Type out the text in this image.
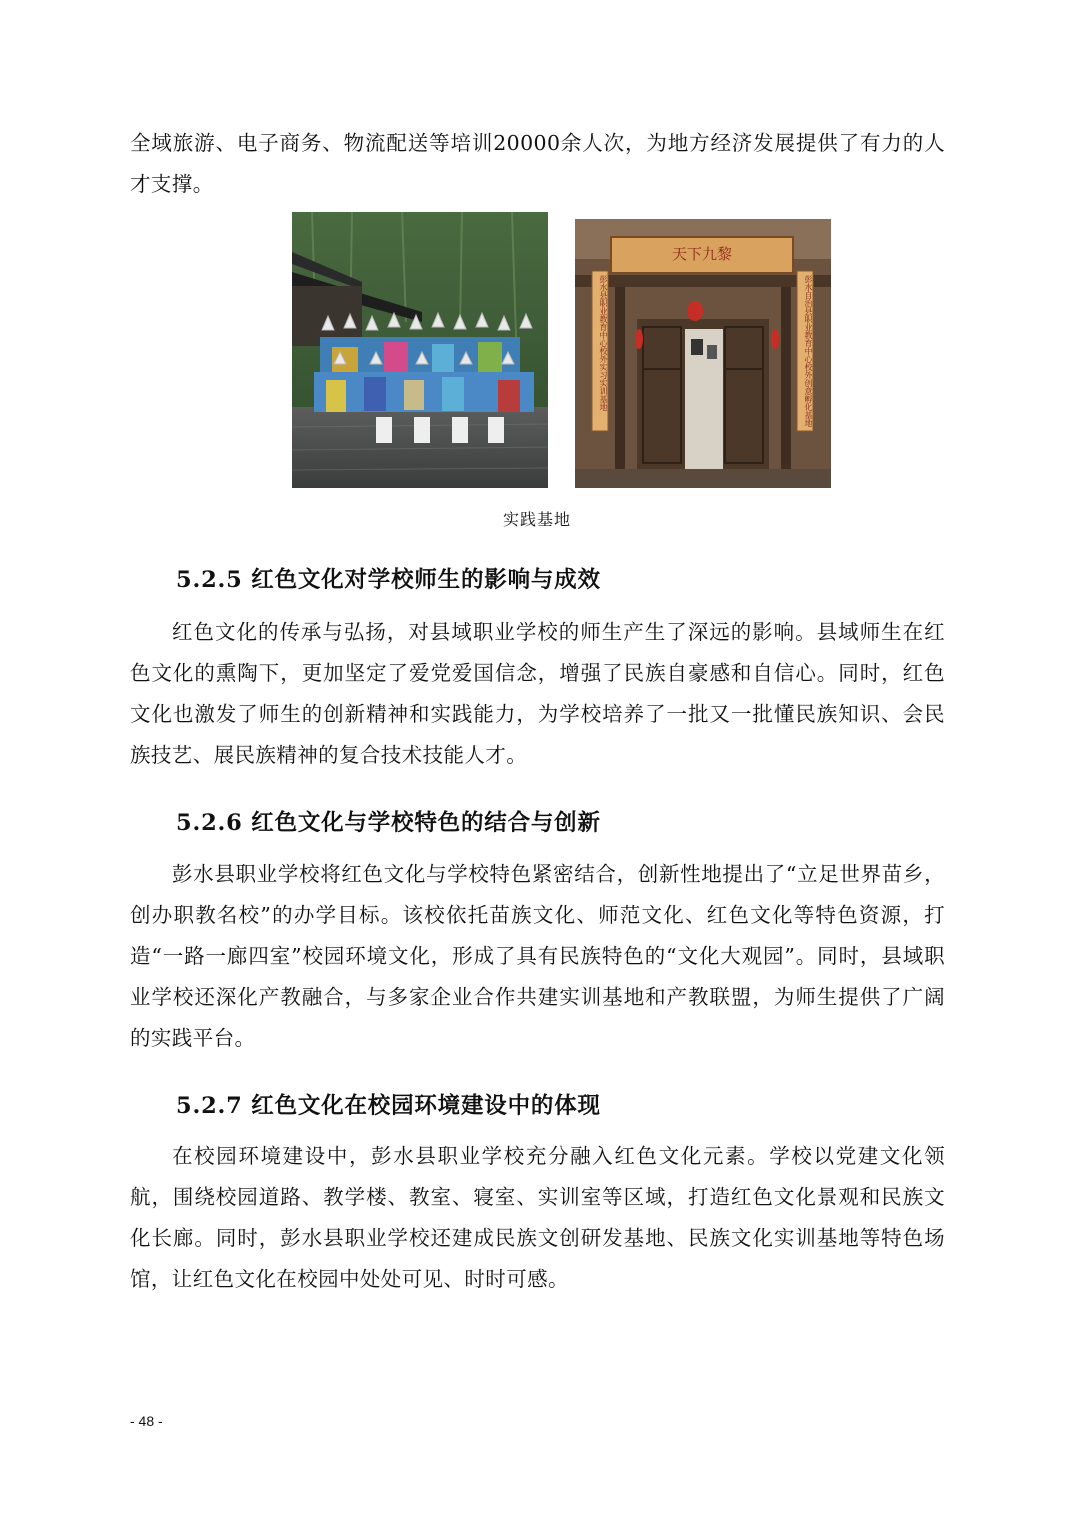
全域旅游、电子商务、物流配送等培训20000余人次，为地方经济发展提供了有力的人才支撑。

天下九黎
彭水县职业教育中心校外实习实训基地	彭水自治县职业教育中心校外创意孵化基地
实践基地
5.2.5 红色文化对学校师生的影响与成效

红色文化的传承与弘扬，对县域职业学校的师生产生了深远的影响。县域师生在红色文化的熏陶下，更加坚定了爱党爱国信念，增强了民族自豪感和自信心。同时，红色文化也激发了师生的创新精神和实践能力，为学校培养了一批又一批懂民族知识、会民族技艺、展民族精神的复合技术技能人才。

5.2.6 红色文化与学校特色的结合与创新

彭水县职业学校将红色文化与学校特色紧密结合，创新性地提出了“立足世界苗乡，创办职教名校”的办学目标。该校依托苗族文化、师范文化、红色文化等特色资源，打造“一路一廊四室”校园环境文化，形成了具有民族特色的“文化大观园”。同时，县域职业学校还深化产教融合，与多家企业合作共建实训基地和产教联盟，为师生提供了广阔的实践平台。

5.2.7 红色文化在校园环境建设中的体现

在校园环境建设中，彭水县职业学校充分融入红色文化元素。学校以党建文化领航，围绕校园道路、教学楼、教室、寝室、实训室等区域，打造红色文化景观和民族文化长廊。同时，彭水县职业学校还建成民族文创研发基地、民族文化实训基地等特色场馆，让红色文化在校园中处处可见、时时可感。

- 48 -
